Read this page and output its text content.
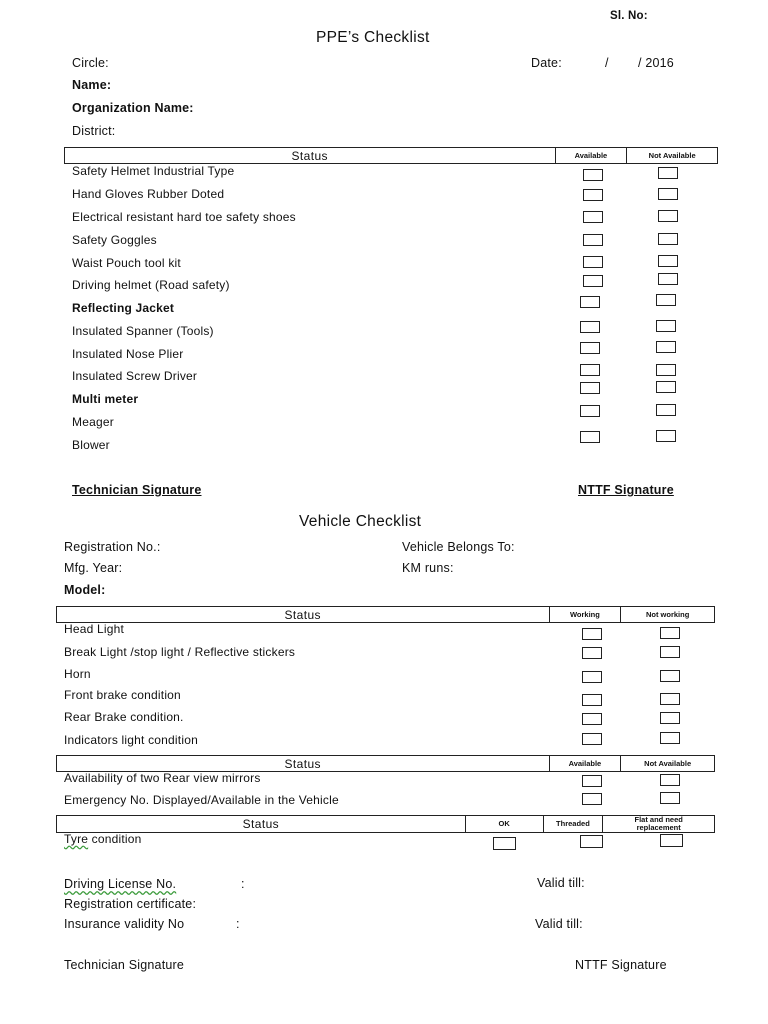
Sl. No:
PPE’s Checklist
Circle:	Date:	/ / 2016
Name:
Organization Name:
District:
Status	Available	Not Available
Safety Helmet Industrial Type
Hand Gloves Rubber Doted
Electrical resistant hard toe safety shoes
Safety Goggles
Waist Pouch tool kit
Driving helmet (Road safety)
Reflecting Jacket
Insulated Spanner (Tools)
Insulated Nose Plier
Insulated Screw Driver
Multi meter
Meager
Blower
Technician Signature	NTTF Signature
Vehicle Checklist
Registration No.:	Vehicle Belongs To:
Mfg. Year:	KM runs:
Model:
Status	Working	Not working
Head Light
Break Light /stop light / Reflective stickers
Horn
Front brake condition
Rear Brake condition.
Indicators light condition
Status	Available	Not Available
Availability of two Rear view mirrors
Emergency No. Displayed/Available in the Vehicle
Status	OK	Threaded	Flat and need replacement
Tyre condition
Driving License No.	:	Valid till:
Registration certificate:
Insurance validity No	:	Valid till:
Technician Signature	NTTF Signature
